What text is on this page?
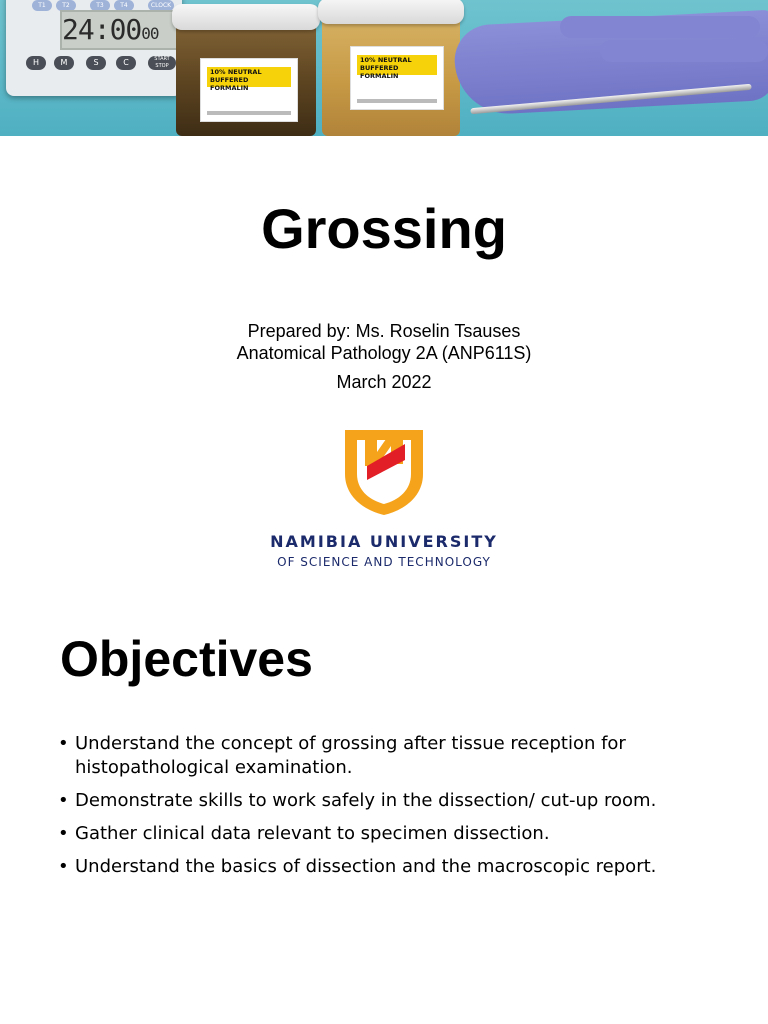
T1	T2	T3	T4	CLOCK
24:0000
H	M	S	C	START STOP
10% NEUTRAL BUFFERED FORMALIN
10% NEUTRAL BUFFERED FORMALIN
Grossing
Prepared by: Ms. Roselin Tsauses
Anatomical Pathology 2A (ANP611S)
March 2022
NAMIBIA UNIVERSITY
OF SCIENCE AND TECHNOLOGY
Objectives
• Understand the concept of grossing after tissue reception for histopathological examination.
• Demonstrate skills to work safely in the dissection/ cut-up room.
• Gather clinical data relevant to specimen dissection.
• Understand the basics of dissection and the macroscopic report.
